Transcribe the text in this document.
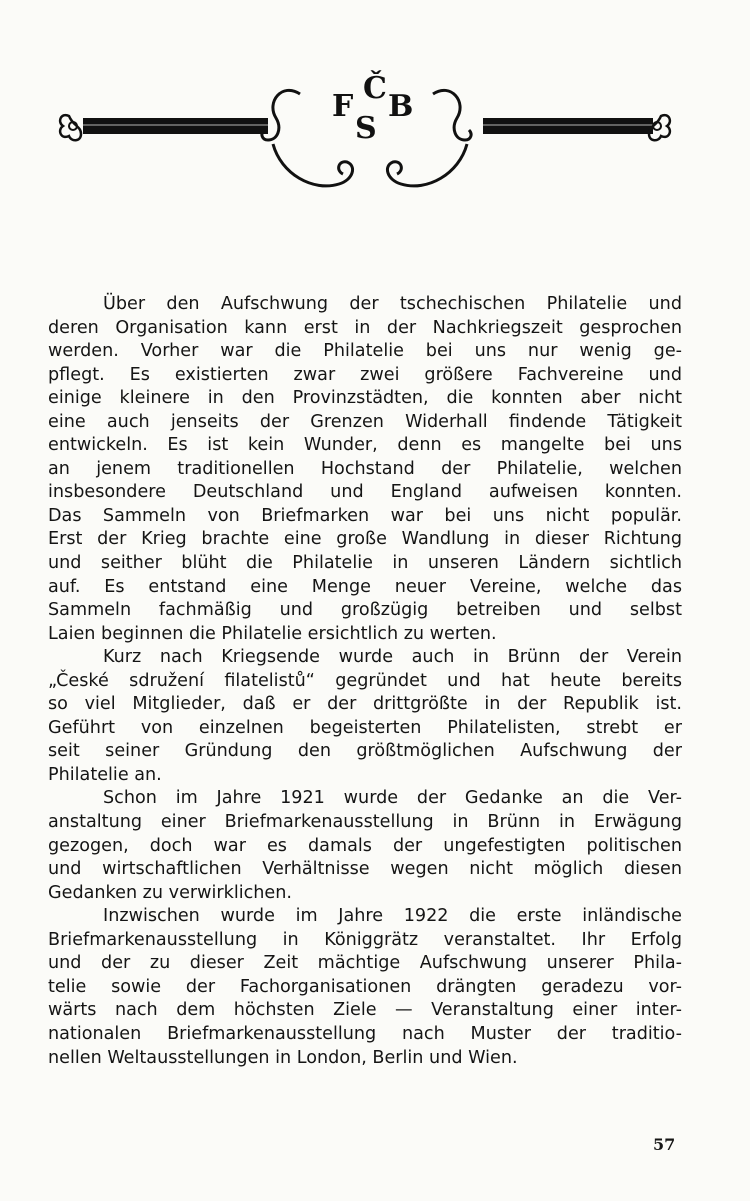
F
Č
S
B

Über den Aufschwung der tschechischen Philatelie und
deren Organisation kann erst in der Nachkriegszeit gesprochen
werden. Vorher war die Philatelie bei uns nur wenig ge-
pflegt. Es existierten zwar zwei größere Fachvereine und
einige kleinere in den Provinzstädten, die konnten aber nicht
eine auch jenseits der Grenzen Widerhall findende Tätigkeit
entwickeln. Es ist kein Wunder, denn es mangelte bei uns
an jenem traditionellen Hochstand der Philatelie, welchen
insbesondere Deutschland und England aufweisen konnten.
Das Sammeln von Briefmarken war bei uns nicht populär.
Erst der Krieg brachte eine große Wandlung in dieser Richtung
und seither blüht die Philatelie in unseren Ländern sichtlich
auf. Es entstand eine Menge neuer Vereine, welche das
Sammeln fachmäßig und großzügig betreiben und selbst
Laien beginnen die Philatelie ersichtlich zu werten.

Kurz nach Kriegsende wurde auch in Brünn der Verein
„České sdružení filatelistů“ gegründet und hat heute bereits
so viel Mitglieder, daß er der drittgrößte in der Republik ist.
Geführt von einzelnen begeisterten Philatelisten, strebt er
seit seiner Gründung den größtmöglichen Aufschwung der
Philatelie an.

Schon im Jahre 1921 wurde der Gedanke an die Ver-
anstaltung einer Briefmarkenausstellung in Brünn in Erwägung
gezogen, doch war es damals der ungefestigten politischen
und wirtschaftlichen Verhältnisse wegen nicht möglich diesen
Gedanken zu verwirklichen.

Inzwischen wurde im Jahre 1922 die erste inländische
Briefmarkenausstellung in Königgrätz veranstaltet. Ihr Erfolg
und der zu dieser Zeit mächtige Aufschwung unserer Phila-
telie sowie der Fachorganisationen drängten geradezu vor-
wärts nach dem höchsten Ziele — Veranstaltung einer inter-
nationalen Briefmarkenausstellung nach Muster der traditio-
nellen Weltausstellungen in London, Berlin und Wien.

57
